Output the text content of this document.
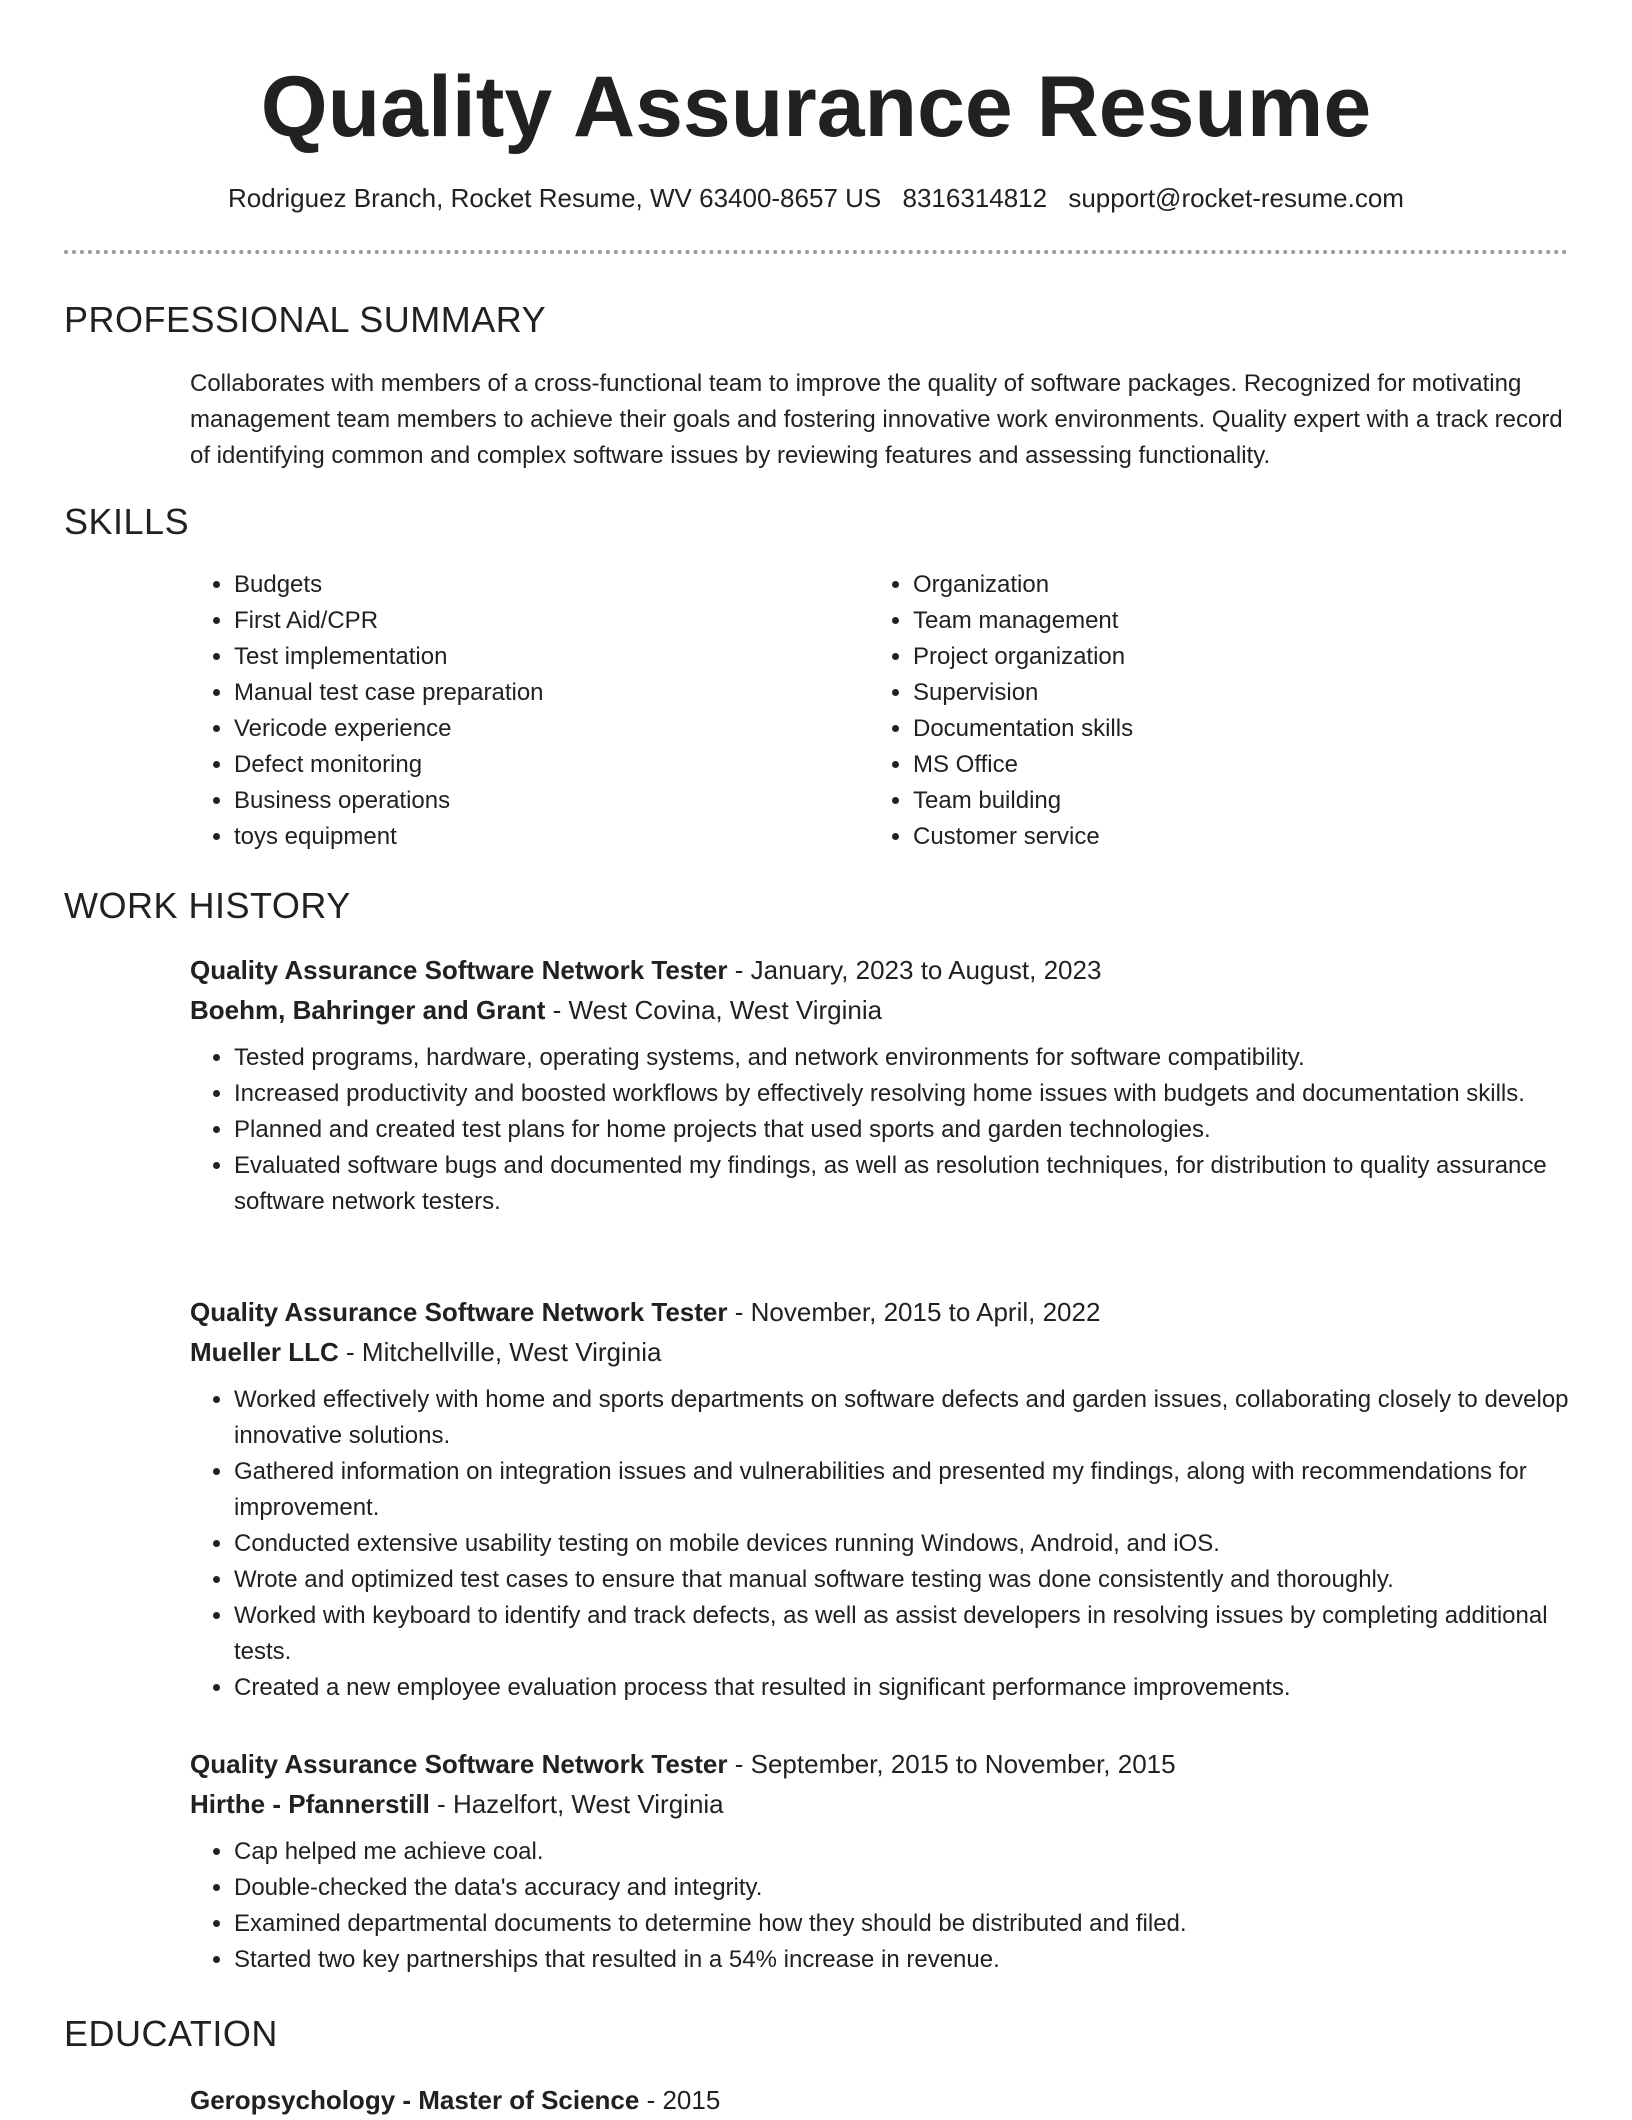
Quality Assurance Resume
Rodriguez Branch, Rocket Resume, WV 63400-8657 US 8316314812 support@rocket-resume.com
PROFESSIONAL SUMMARY

Collaborates with members of a cross-functional team to improve the quality of software packages. Recognized for motivating management team members to achieve their goals and fostering innovative work environments. Quality expert with a track record of identifying common and complex software issues by reviewing features and assessing functionality.

SKILLS
• Budgets
• First Aid/CPR
• Test implementation
• Manual test case preparation
• Vericode experience
• Defect monitoring
• Business operations
• toys equipment
• Organization
• Team management
• Project organization
• Supervision
• Documentation skills
• MS Office
• Team building
• Customer service
WORK HISTORY
Quality Assurance Software Network Tester - January, 2023 to August, 2023
Boehm, Bahringer and Grant - West Covina, West Virginia
• Tested programs, hardware, operating systems, and network environments for software compatibility.
• Increased productivity and boosted workflows by effectively resolving home issues with budgets and documentation skills.
• Planned and created test plans for home projects that used sports and garden technologies.
• Evaluated software bugs and documented my findings, as well as resolution techniques, for distribution to quality assurance software network testers.
Quality Assurance Software Network Tester - November, 2015 to April, 2022
Mueller LLC - Mitchellville, West Virginia
• Worked effectively with home and sports departments on software defects and garden issues, collaborating closely to develop innovative solutions.
• Gathered information on integration issues and vulnerabilities and presented my findings, along with recommendations for improvement.
• Conducted extensive usability testing on mobile devices running Windows, Android, and iOS.
• Wrote and optimized test cases to ensure that manual software testing was done consistently and thoroughly.
• Worked with keyboard to identify and track defects, as well as assist developers in resolving issues by completing additional tests.
• Created a new employee evaluation process that resulted in significant performance improvements.
Quality Assurance Software Network Tester - September, 2015 to November, 2015
Hirthe - Pfannerstill - Hazelfort, West Virginia
• Cap helped me achieve coal.
• Double-checked the data's accuracy and integrity.
• Examined departmental documents to determine how they should be distributed and filed.
• Started two key partnerships that resulted in a 54% increase in revenue.
EDUCATION
Geropsychology - Master of Science - 2015
